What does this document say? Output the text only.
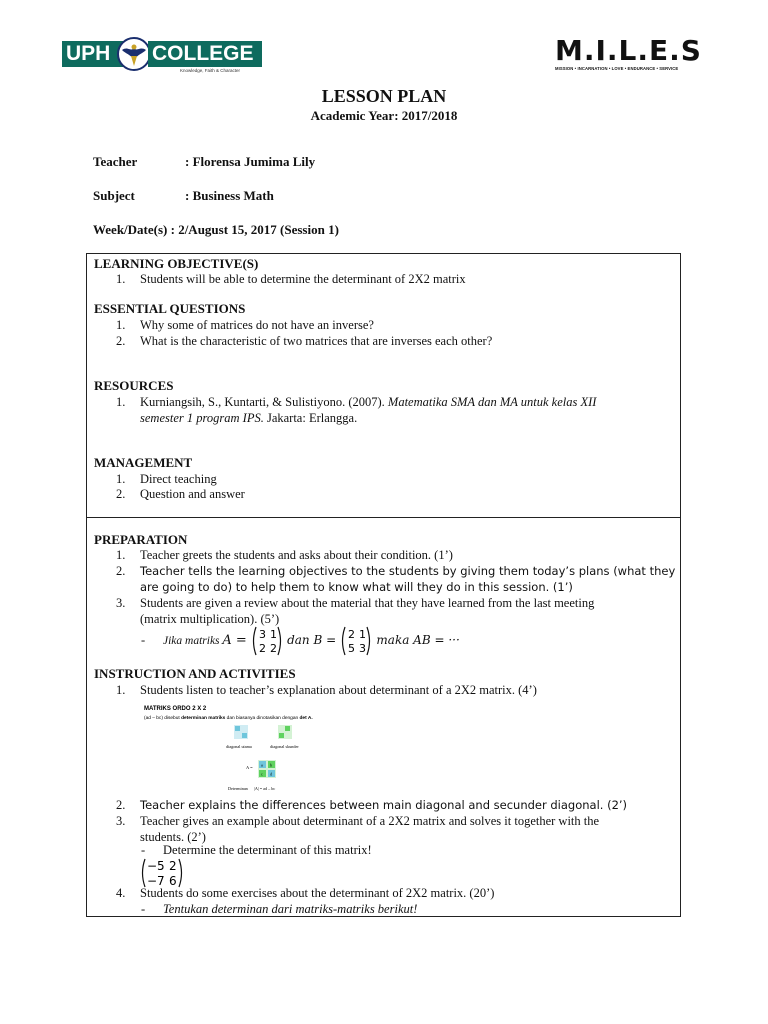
UPH	COLLEGE
Knowledge, Faith & Character
M.I.L.E.S
MISSION • INCARNATION • LOVE • ENDURANCE • SERVICE
LESSON PLAN
Academic Year: 2017/2018
Teacher	: Florensa Jumima Lily
Subject	: Business Math
Week/Date(s) : 2/August 15, 2017 (Session 1)
LEARNING OBJECTIVE(S)
1. Students will be able to determine the determinant of 2X2 matrix
ESSENTIAL QUESTIONS
1. Why some of matrices do not have an inverse?
2. What is the characteristic of two matrices that are inverses each other?
RESOURCES
1. Kurniangsih, S., Kuntarti, & Sulistiyono. (2007). Matematika SMA dan MA untuk kelas XII
semester 1 program IPS. Jakarta: Erlangga.
MANAGEMENT
1. Direct teaching
2. Question and answer
PREPARATION
1. Teacher greets the students and asks about their condition. (1’)
2. Teacher tells the learning objectives to the students by giving them today’s plans (what they
are going to do) to help them to know what will they do in this session. (1’)
3. Students are given a review about the material that they have learned from the last meeting
(matrix multiplication). (5’)
- Jika matriks A = 3 1
2 2
dan B = 2 1
5 3
maka AB = ···
INSTRUCTION AND ACTIVITIES
1. Students listen to teacher’s explanation about determinant of a 2X2 matrix. (4’)
MATRIKS ORDO 2 X 2
(ad – bc) disebut determinan matriks dan biasanya dinotasikan dengan det A.
diagonal utama	diagonal skunder
A = a b
c d
Determinan |A| = ad – bc
2. Teacher explains the differences between main diagonal and secunder diagonal. (2’)
3. Teacher gives an example about determinant of a 2X2 matrix and solves it together with the
students. (2’)
- Determine the determinant of this matrix!
−5 2
−7 6
4. Students do some exercises about the determinant of 2X2 matrix. (20’)
- Tentukan determinan dari matriks-matriks berikut!
